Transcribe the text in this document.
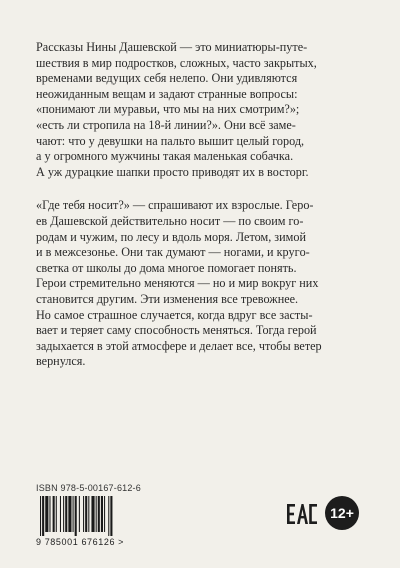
Рассказы Нины Дашевской — это миниатюры-путе-

шествия в мир подростков, сложных, часто закрытых,

временами ведущих себя нелепо. Они удивляются

неожиданным вещам и задают странные вопросы:

«понимают ли муравьи, что мы на них смотрим?»;

«есть ли стропила на 18-й линии?». Они всё заме-

чают: что у девушки на пальто вышит целый город,

а у огромного мужчины такая маленькая собачка.

А уж дурацкие шапки просто приводят их в восторг.

«Где тебя носит?» — спрашивают их взрослые. Геро-

ев Дашевской действительно носит — по своим го-

родам и чужим, по лесу и вдоль моря. Летом, зимой

и в межсезонье. Они так думают — ногами, и кругo-

светка от школы до дома многое помогает понять.

Герои стремительно меняются — но и мир вокруг них

становится другим. Эти изменения все тревожнее.

Но самое страшное случается, когда вдруг все засты-

вает и теряет саму способность меняться. Тогда герой

задыхается в этой атмосфере и делает все, чтобы ветер

вернулся.

ISBN 978-5-00167-612-6
9 785001 676126 >
12+
